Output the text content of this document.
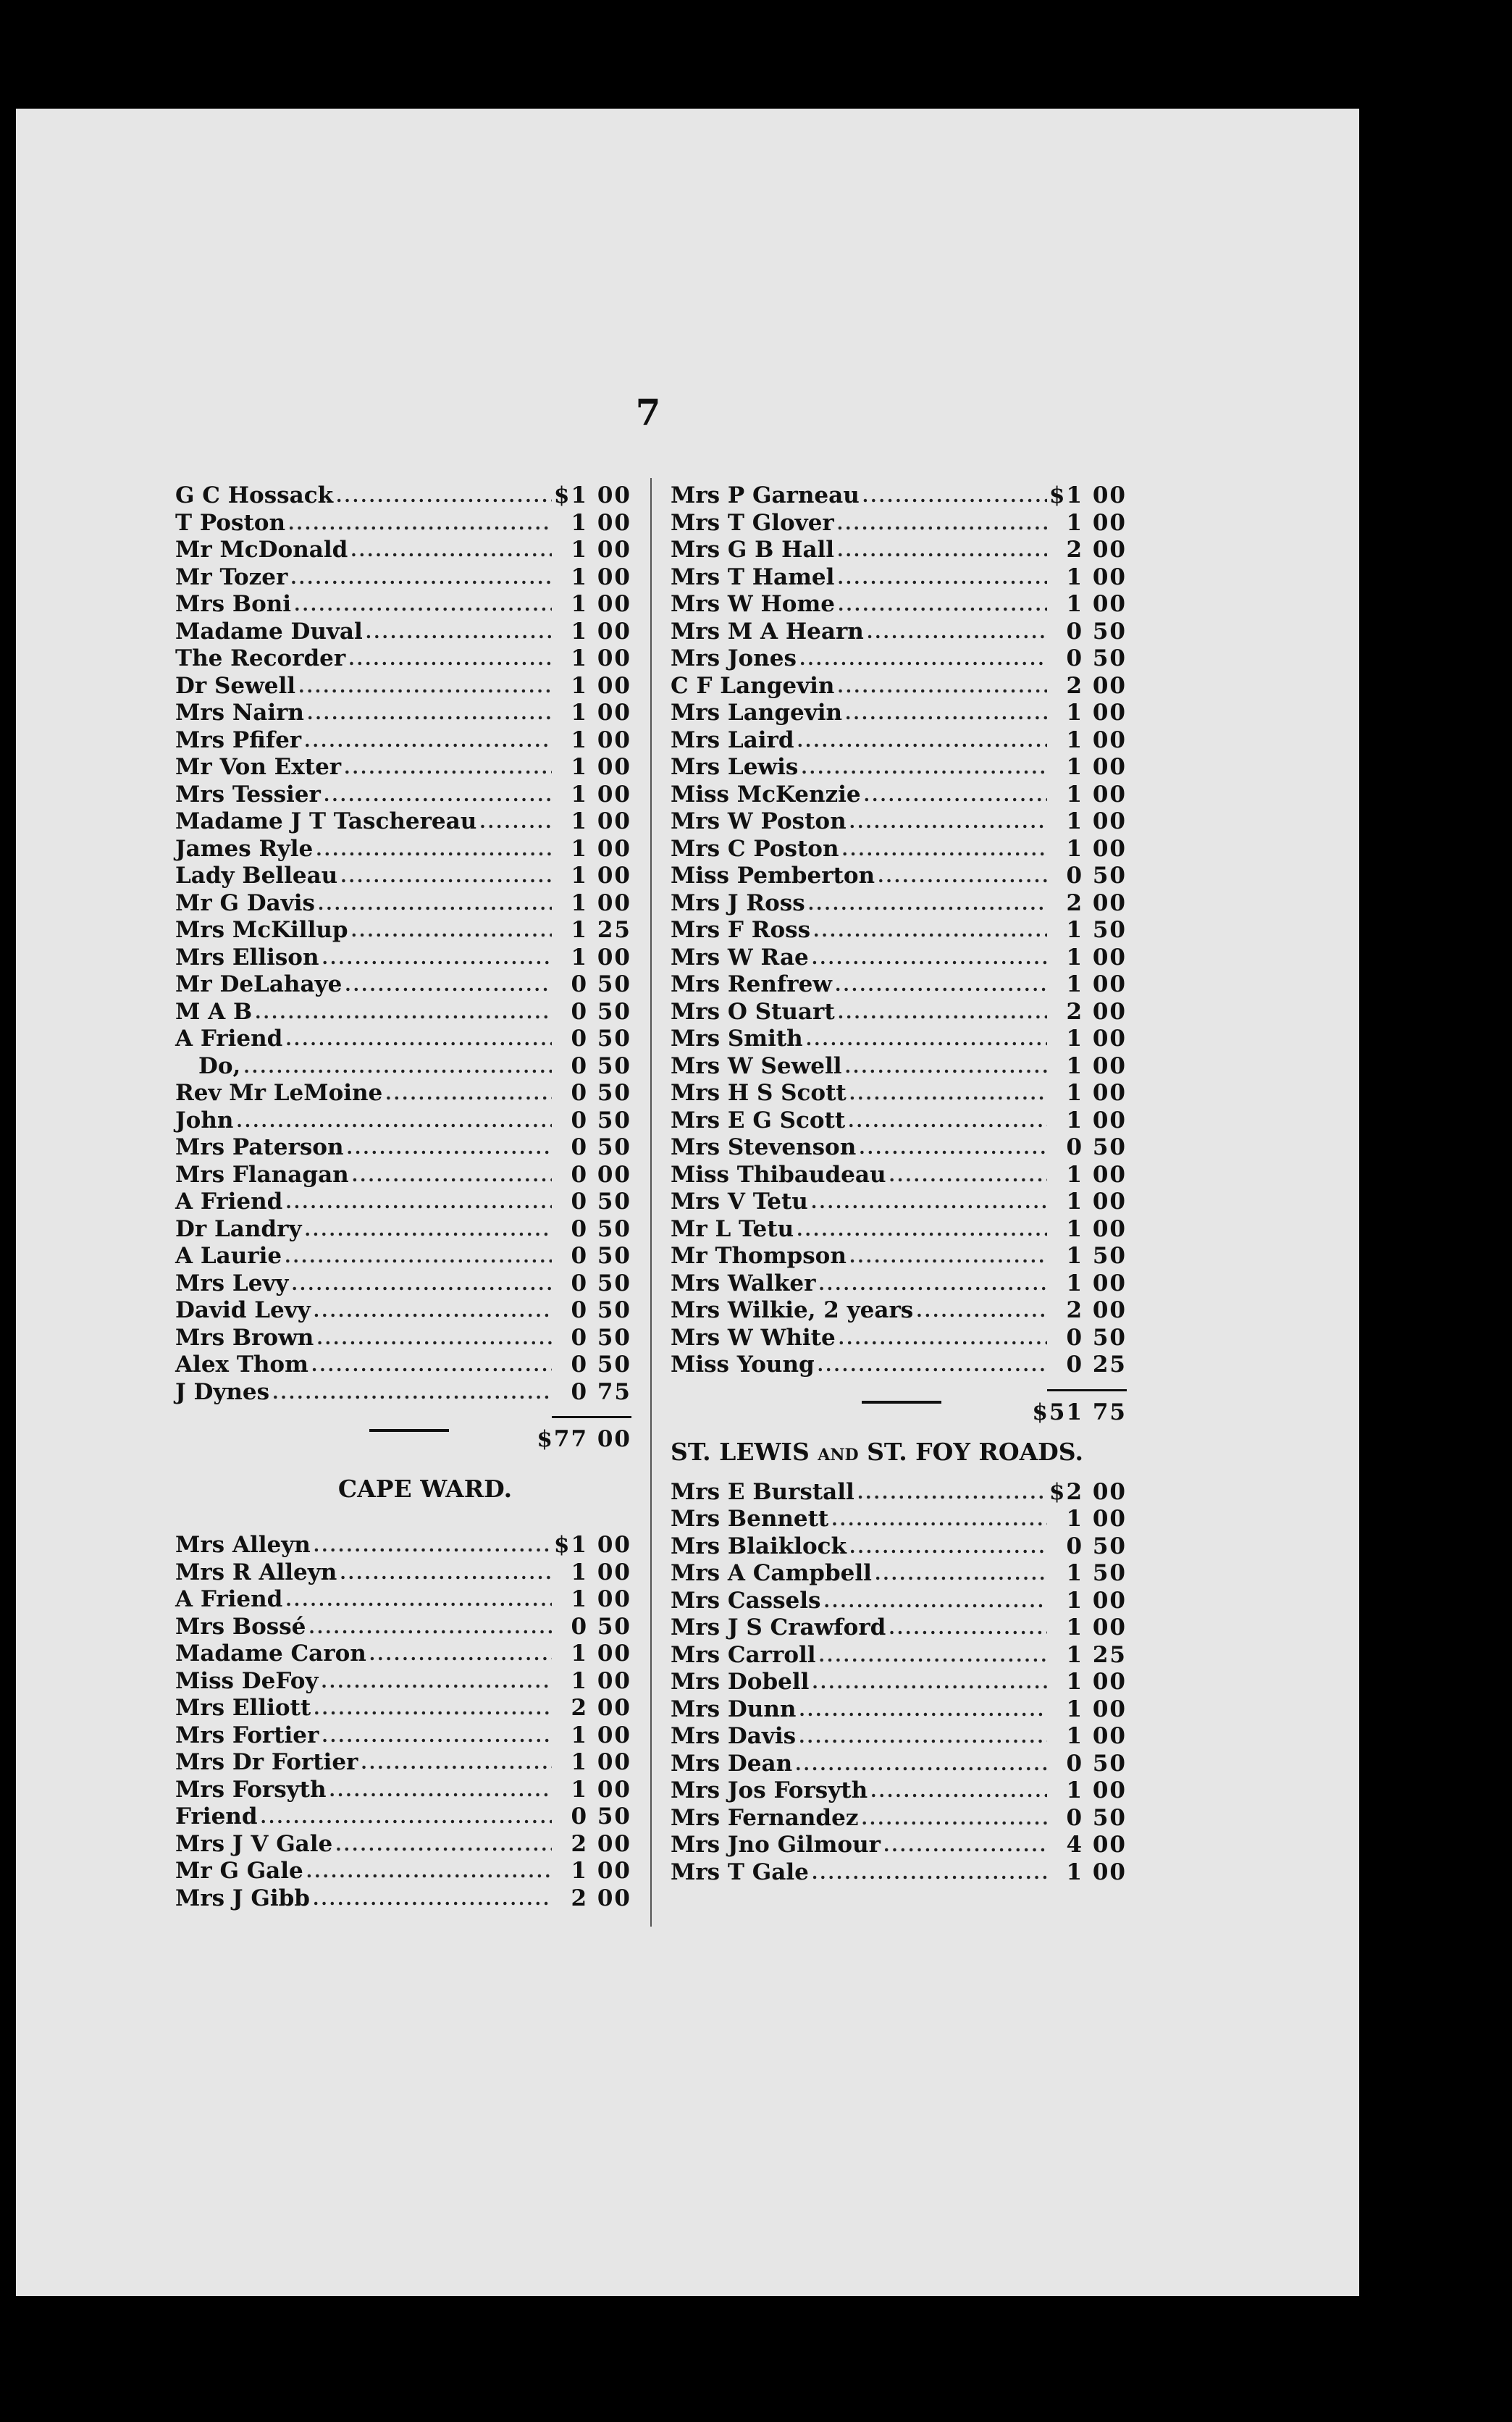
7
G C Hossack .....	$1 00
T Poston .....	1 00
Mr McDonald .....	1 00
Mr Tozer .....	1 00
Mrs Boni .....	1 00
Madame Duval .....	1 00
The Recorder .....	1 00
Dr Sewell .....	1 00
Mrs Nairn .....	1 00
Mrs Pfifer .....	1 00
Mr Von Exter .....	1 00
Mrs Tessier .....	1 00
Madame J T Taschereau .....	1 00
James Ryle .....	1 00
Lady Belleau .....	1 00
Mr G Davis .....	1 00
Mrs McKillup .....	1 25
Mrs Ellison .....	1 00
Mr DeLahaye .....	0 50
M A B .....	0 50
A Friend .....	0 50
Do, .....	0 50
Rev Mr LeMoine .....	0 50
John .....	0 50
Mrs Paterson .....	0 50
Mrs Flanagan .....	0 00
A Friend .....	0 50
Dr Landry .....	0 50
A Laurie .....	0 50
Mrs Levy .....	0 50
David Levy .....	0 50
Mrs Brown .....	0 50
Alex Thom .....	0 50
J Dynes .....	0 75
$77 00
CAPE WARD.
Mrs Alleyn .....	$1 00
Mrs R Alleyn .....	1 00
A Friend .....	1 00
Mrs Bossé .....	0 50
Madame Caron .....	1 00
Miss DeFoy .....	1 00
Mrs Elliott .....	2 00
Mrs Fortier .....	1 00
Mrs Dr Fortier .....	1 00
Mrs Forsyth .....	1 00
Friend .....	0 50
Mrs J V Gale .....	2 00
Mr G Gale .....	1 00
Mrs J Gibb .....	2 00
Mrs P Garneau .....	$1 00
Mrs T Glover .....	1 00
Mrs G B Hall .....	2 00
Mrs T Hamel .....	1 00
Mrs W Home .....	1 00
Mrs M A Hearn .....	0 50
Mrs Jones .....	0 50
C F Langevin .....	2 00
Mrs Langevin .....	1 00
Mrs Laird .....	1 00
Mrs Lewis .....	1 00
Miss McKenzie .....	1 00
Mrs W Poston .....	1 00
Mrs C Poston .....	1 00
Miss Pemberton .....	0 50
Mrs J Ross .....	2 00
Mrs F Ross .....	1 50
Mrs W Rae .....	1 00
Mrs Renfrew .....	1 00
Mrs O Stuart .....	2 00
Mrs Smith .....	1 00
Mrs W Sewell .....	1 00
Mrs H S Scott .....	1 00
Mrs E G Scott .....	1 00
Mrs Stevenson .....	0 50
Miss Thibaudeau .....	1 00
Mrs V Tetu .....	1 00
Mr L Tetu .....	1 00
Mr Thompson .....	1 50
Mrs Walker .....	1 00
Mrs Wilkie, 2 years .....	2 00
Mrs W White .....	0 50
Miss Young .....	0 25
$51 75
ST. LEWIS AND ST. FOY ROADS.
Mrs E Burstall .....	$2 00
Mrs Bennett .....	1 00
Mrs Blaiklock .....	0 50
Mrs A Campbell .....	1 50
Mrs Cassels .....	1 00
Mrs J S Crawford .....	1 00
Mrs Carroll .....	1 25
Mrs Dobell .....	1 00
Mrs Dunn .....	1 00
Mrs Davis .....	1 00
Mrs Dean .....	0 50
Mrs Jos Forsyth .....	1 00
Mrs Fernandez .....	0 50
Mrs Jno Gilmour .....	4 00
Mrs T Gale .....	1 00
